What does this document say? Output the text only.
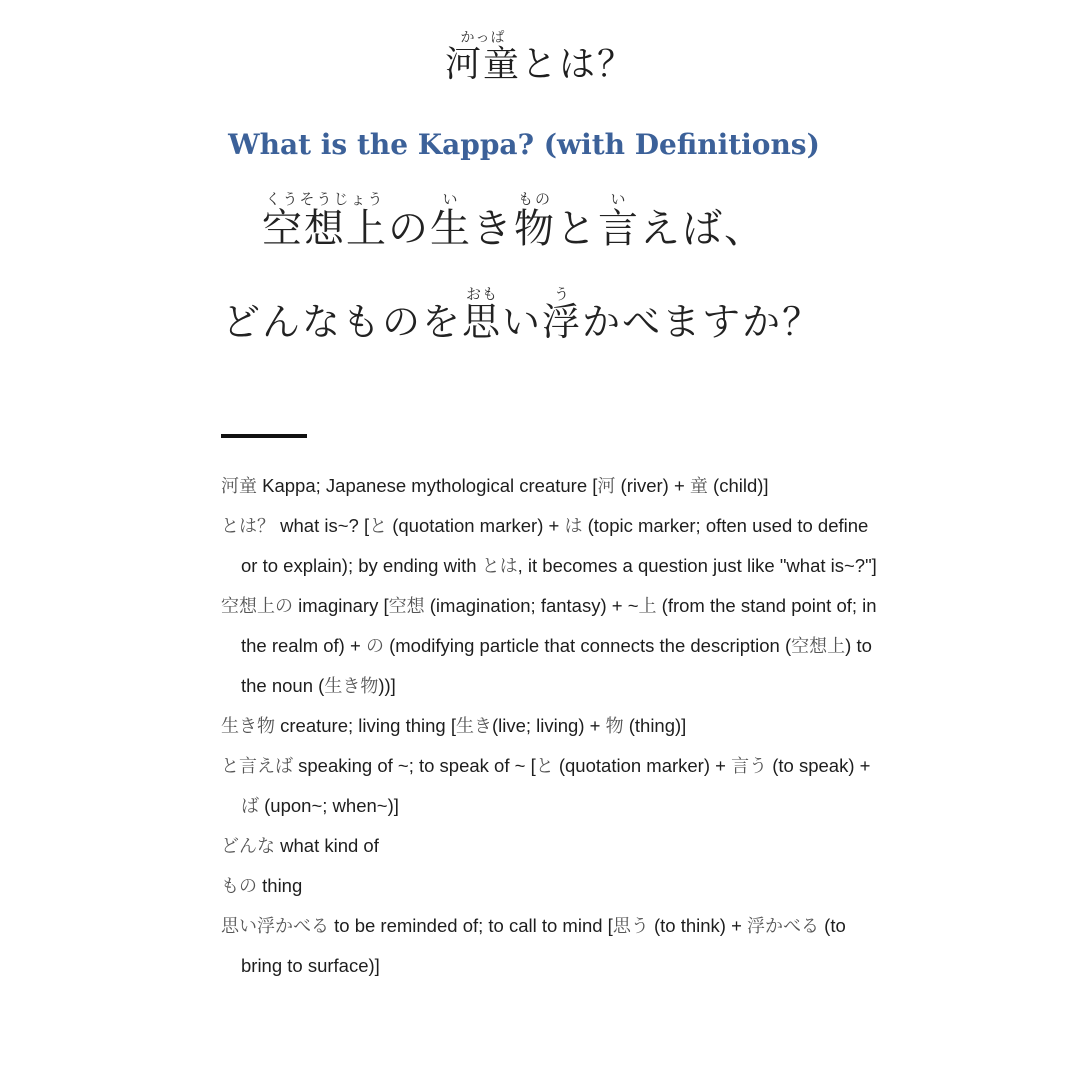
河童かっぱとは？
What is the Kappa? (with Definitions)
空想上くうそうじょうの生いき物ものと言いえば、
どんなものを思おもい浮うかべますか？

河童 Kappa; Japanese mythological creature [河 (river) + 童 (child)]

とは？ what is~? [と (quotation marker) + は (topic marker; often used to define or to explain); by ending with とは, it becomes a question just like "what is~?"]

空想上の imaginary [空想 (imagination; fantasy) + ~上 (from the stand point of; in the realm of) + の (modifying particle that connects the description (空想上) to the noun (生き物))]

生き物 creature; living thing [生き(live; living) + 物 (thing)]

と言えば speaking of ~; to speak of ~ [と (quotation marker) + 言う (to speak) + ば (upon~; when~)]

どんな what kind of

もの thing

思い浮かべる to be reminded of; to call to mind [思う (to think) + 浮かべる (to bring to surface)]
